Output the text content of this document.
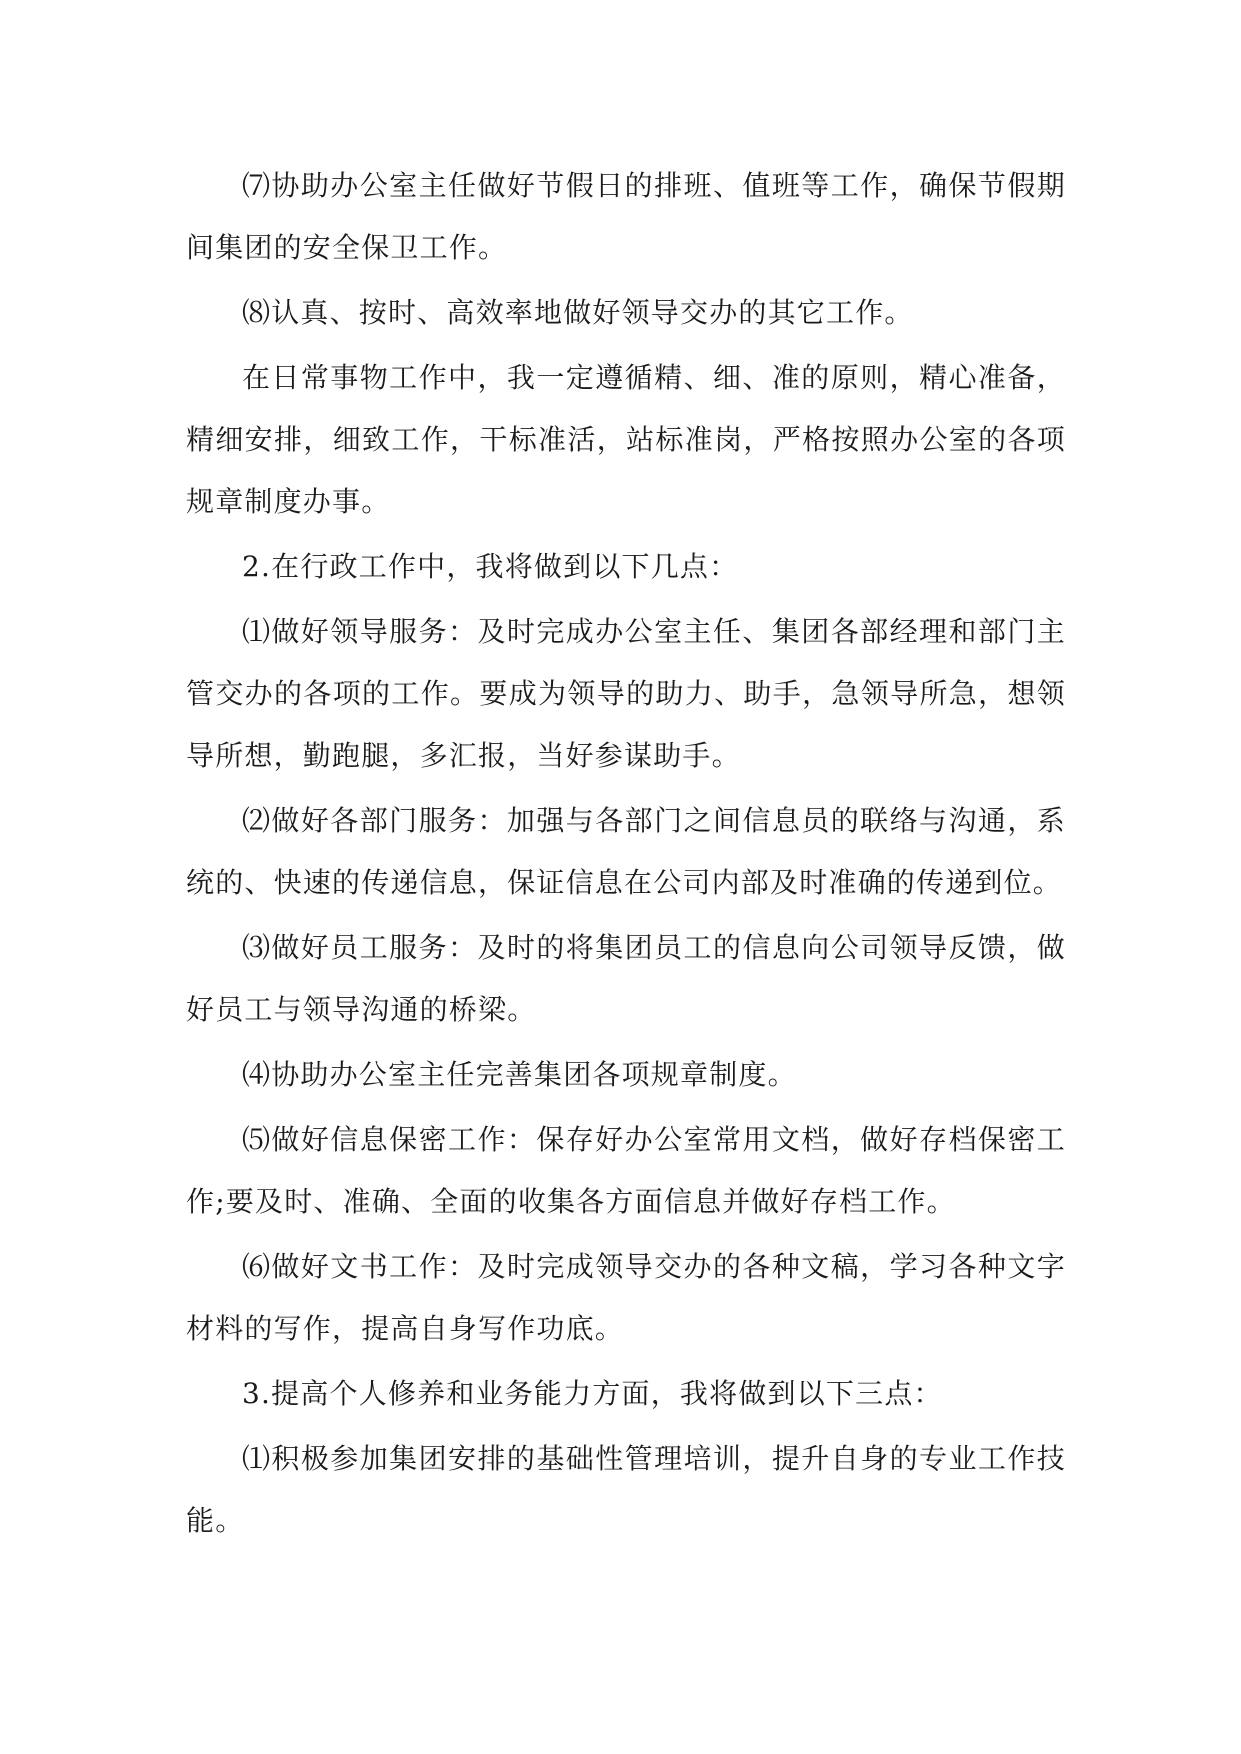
⑺协助办公室主任做好节假日的排班、值班等工作，确保节假期间集团的安全保卫工作。

⑻认真、按时、高效率地做好领导交办的其它工作。

在日常事物工作中，我一定遵循精、细、准的原则，精心准备，精细安排，细致工作，干标准活，站标准岗，严格按照办公室的各项规章制度办事。

2.在行政工作中，我将做到以下几点：

⑴做好领导服务：及时完成办公室主任、集团各部经理和部门主管交办的各项的工作。要成为领导的助力、助手，急领导所急，想领导所想，勤跑腿，多汇报，当好参谋助手。

⑵做好各部门服务：加强与各部门之间信息员的联络与沟通，系统的、快速的传递信息，保证信息在公司内部及时准确的传递到位。

⑶做好员工服务：及时的将集团员工的信息向公司领导反馈，做好员工与领导沟通的桥梁。

⑷协助办公室主任完善集团各项规章制度。

⑸做好信息保密工作：保存好办公室常用文档，做好存档保密工作;要及时、准确、全面的收集各方面信息并做好存档工作。

⑹做好文书工作：及时完成领导交办的各种文稿，学习各种文字材料的写作，提高自身写作功底。

3.提高个人修养和业务能力方面，我将做到以下三点：

⑴积极参加集团安排的基础性管理培训，提升自身的专业工作技能。
